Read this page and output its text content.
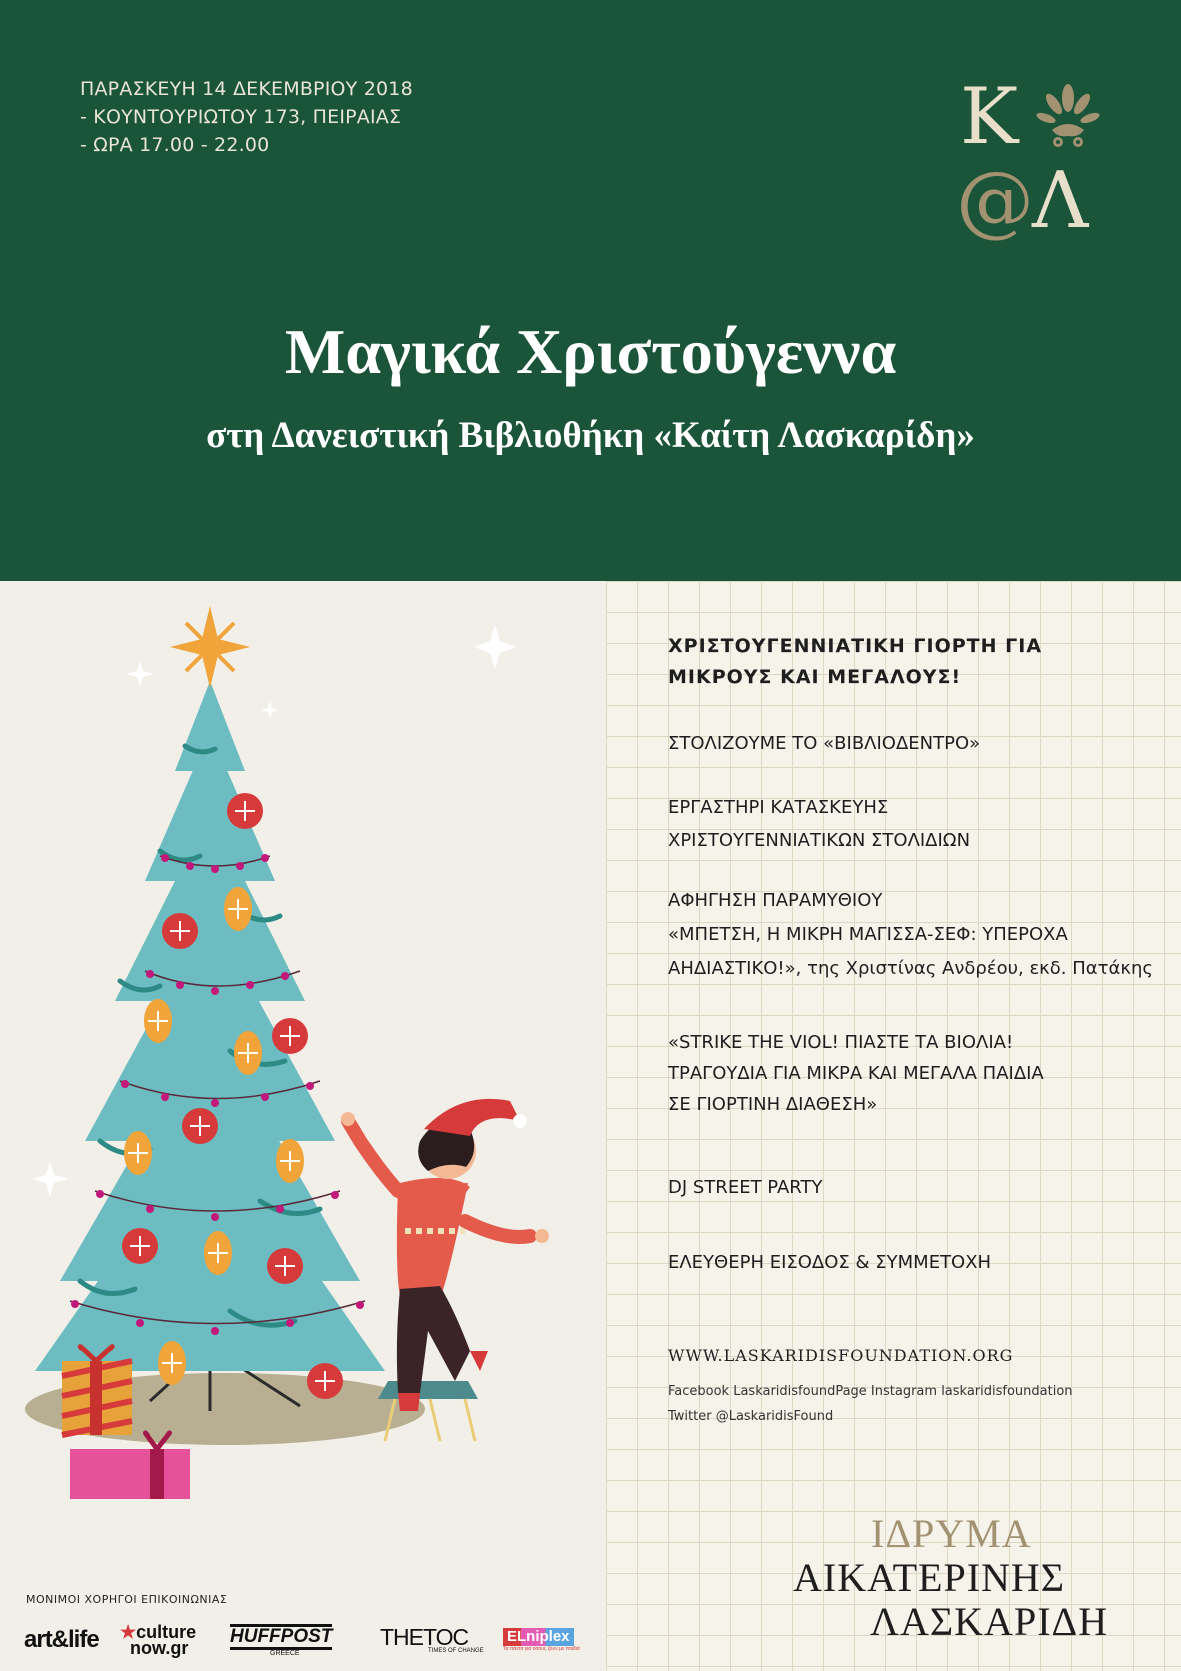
ΠΑΡΑΣΚΕΥΗ 14 ΔΕΚΕΜΒΡΙΟΥ 2018
- ΚΟΥΝΤΟΥΡΙΩΤΟΥ 173, ΠΕΙΡΑΙΑΣ
- ΩΡΑ 17.00 - 22.00	Κ
@
Λ
Μαγικά Χριστούγεννα
στη Δανειστική Βιβλιοθήκη «Καίτη Λασκαρίδη»
ΧΡΙΣΤΟΥΓΕΝΝΙΑΤΙΚΗ ΓΙΟΡΤΗ ΓΙΑ
ΜΙΚΡΟΥΣ ΚΑΙ ΜΕΓΑΛΟΥΣ!
ΣΤΟΛΙΖΟΥΜΕ ΤΟ «ΒΙΒΛΙΟΔΕΝΤΡΟ»
ΕΡΓΑΣΤΗΡΙ ΚΑΤΑΣΚΕΥΗΣ
ΧΡΙΣΤΟΥΓΕΝΝΙΑΤΙΚΩΝ ΣΤΟΛΙΔΙΩΝ
ΑΦΗΓΗΣΗ ΠΑΡΑΜΥΘΙΟΥ
«ΜΠΕΤΣΗ, Η ΜΙΚΡΗ ΜΑΓΙΣΣΑ-ΣΕΦ: ΥΠΕΡΟΧΑ
ΑΗΔΙΑΣΤΙΚΟ!», της Χριστίνας Ανδρέου, εκδ. Πατάκης
«STRIKE THE VIOL! ΠΙΑΣΤΕ ΤΑ ΒΙΟΛΙΑ!
ΤΡΑΓΟΥΔΙΑ ΓΙΑ ΜΙΚΡΑ ΚΑΙ ΜΕΓΑΛΑ ΠΑΙΔΙΑ
ΣΕ ΓΙΟΡΤΙΝΗ ΔΙΑΘΕΣΗ»
DJ STREET PARTY
ΕΛΕΥΘΕΡΗ ΕΙΣΟΔΟΣ & ΣΥΜΜΕΤΟΧΗ
WWW.LASKARIDISFOUNDATION.ORG
Facebook LaskaridisfoundPage Instagram laskaridisfoundation
Twitter @LaskaridisFound
ΙΔΡΥΜΑ
ΑΙΚΑΤΕΡΙΝΗΣ
ΛΑΣΚΑΡΙΔΗ
ΜΟΝΙΜΟΙ ΧΟΡΗΓΟΙ ΕΠΙΚΟΙΝΩΝΙΑΣ
art&life ★culture
now.gr
HUFFPOST
GREECE
THETOC
TIMES OF CHANGE
ELniplex
Τα πάντα για όσους ζουν με παιδιά
